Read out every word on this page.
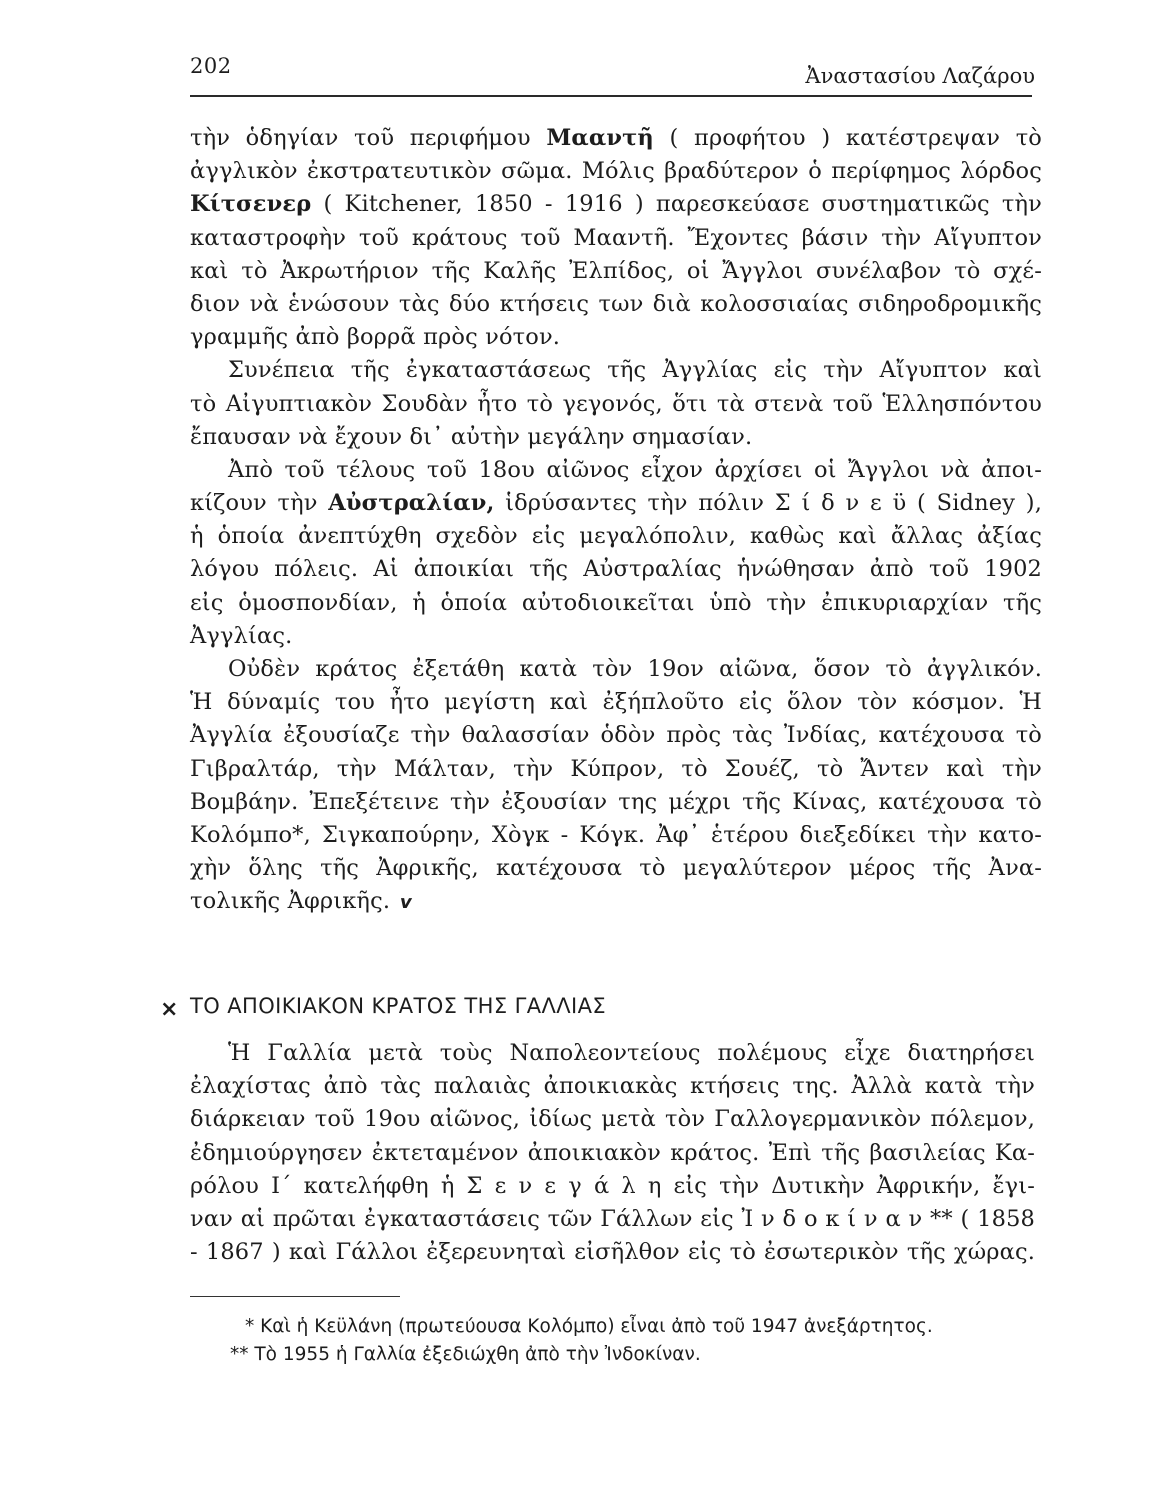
202	Ἀναστασίου Λαζάρου
τὴν ὁδηγίαν τοῦ περιφήμου Μααντῆ ( προφήτου ) κατέστρεψαν τὸ
ἀγγλικὸν ἐκστρατευτικὸν σῶμα. Μόλις βραδύτερον ὁ περίφημος λόρδος
Κίτσενερ ( Kitchener, 1850 - 1916 ) παρεσκεύασε συστηματικῶς τὴν
καταστροφὴν τοῦ κράτους τοῦ Μααντῆ. Ἔχοντες βάσιν τὴν Αἴγυπτον
καὶ τὸ Ἀκρωτήριον τῆς Καλῆς Ἐλπίδος, οἱ Ἄγγλοι συνέλαβον τὸ σχέ-
διον νὰ ἑνώσουν τὰς δύο κτήσεις των διὰ κολοσσιαίας σιδηροδρομικῆς
γραμμῆς ἀπὸ βορρᾶ πρὸς νότον.
Συνέπεια τῆς ἐγκαταστάσεως τῆς Ἀγγλίας εἰς τὴν Αἴγυπτον καὶ
τὸ Αἰγυπτιακὸν Σουδὰν ἦτο τὸ γεγονός, ὅτι τὰ στενὰ τοῦ Ἑλλησπόντου
ἔπαυσαν νὰ ἔχουν δι᾽ αὐτὴν μεγάλην σημασίαν.
Ἀπὸ τοῦ τέλους τοῦ 18ου αἰῶνος εἶχον ἀρχίσει οἱ Ἄγγλοι νὰ ἀποι-
κίζουν τὴν Αὐστραλίαν, ἱδρύσαντες τὴν πόλιν Σ ί δ ν ε ϋ ( Sidney ),
ἡ ὁποία ἀνεπτύχθη σχεδὸν εἰς μεγαλόπολιν, καθὼς καὶ ἄλλας ἀξίας
λόγου πόλεις. Αἱ ἀποικίαι τῆς Αὐστραλίας ἡνώθησαν ἀπὸ τοῦ 1902
εἰς ὁμοσπονδίαν, ἡ ὁποία αὐτοδιοικεῖται ὑπὸ τὴν ἐπικυριαρχίαν τῆς
Ἀγγλίας.
Οὐδὲν κράτος ἐξετάθη κατὰ τὸν 19ον αἰῶνα, ὅσον τὸ ἀγγλικόν.
Ἡ δύναμίς του ἦτο μεγίστη καὶ ἐξήπλοῦτο εἰς ὅλον τὸν κόσμον. Ἡ
Ἀγγλία ἐξουσίαζε τὴν θαλασσίαν ὁδὸν πρὸς τὰς Ἰνδίας, κατέχουσα τὸ
Γιβραλτάρ, τὴν Μάλταν, τὴν Κύπρον, τὸ Σουέζ, τὸ Ἄντεν καὶ τὴν
Βομβάην. Ἐπεξέτεινε τὴν ἐξουσίαν της μέχρι τῆς Κίνας, κατέχουσα τὸ
Κολόμπο*, Σιγκαπούρην, Χὸγκ - Κόγκ. Ἀφ᾽ ἑτέρου διεξεδίκει τὴν κατο-
χὴν ὅλης τῆς Ἀφρικῆς, κατέχουσα τὸ μεγαλύτερον μέρος τῆς Ἀνα-
τολικῆς Ἀφρικῆς. v
× ΤΟ ΑΠΟΙΚΙΑΚΟΝ ΚΡΑΤΟΣ ΤΗΣ ΓΑΛΛΙΑΣ
Ἡ Γαλλία μετὰ τοὺς Ναπολεοντείους πολέμους εἶχε διατηρήσει
ἐλαχίστας ἀπὸ τὰς παλαιὰς ἀποικιακὰς κτήσεις της. Ἀλλὰ κατὰ τὴν
διάρκειαν τοῦ 19ου αἰῶνος, ἰδίως μετὰ τὸν Γαλλογερμανικὸν πόλεμον,
ἐδημιούργησεν ἐκτεταμένον ἀποικιακὸν κράτος. Ἐπὶ τῆς βασιλείας Κα-
ρόλου Ι´ κατελήφθη ἡ Σ ε ν ε γ ά λ η εἰς τὴν Δυτικὴν Ἀφρικήν, ἔγι-
ναν αἱ πρῶται ἐγκαταστάσεις τῶν Γάλλων εἰς Ἰ ν δ ο κ ί ν α ν ** ( 1858
- 1867 ) καὶ Γάλλοι ἐξερευνηταὶ εἰσῆλθον εἰς τὸ ἐσωτερικὸν τῆς χώρας.
* Καὶ ἡ Κεϋλάνη (πρωτεύουσα Κολόμπο) εἶναι ἀπὸ τοῦ 1947 ἀνεξάρτητος.
** Τὸ 1955 ἡ Γαλλία ἐξεδιώχθη ἀπὸ τὴν Ἰνδοκίναν.
